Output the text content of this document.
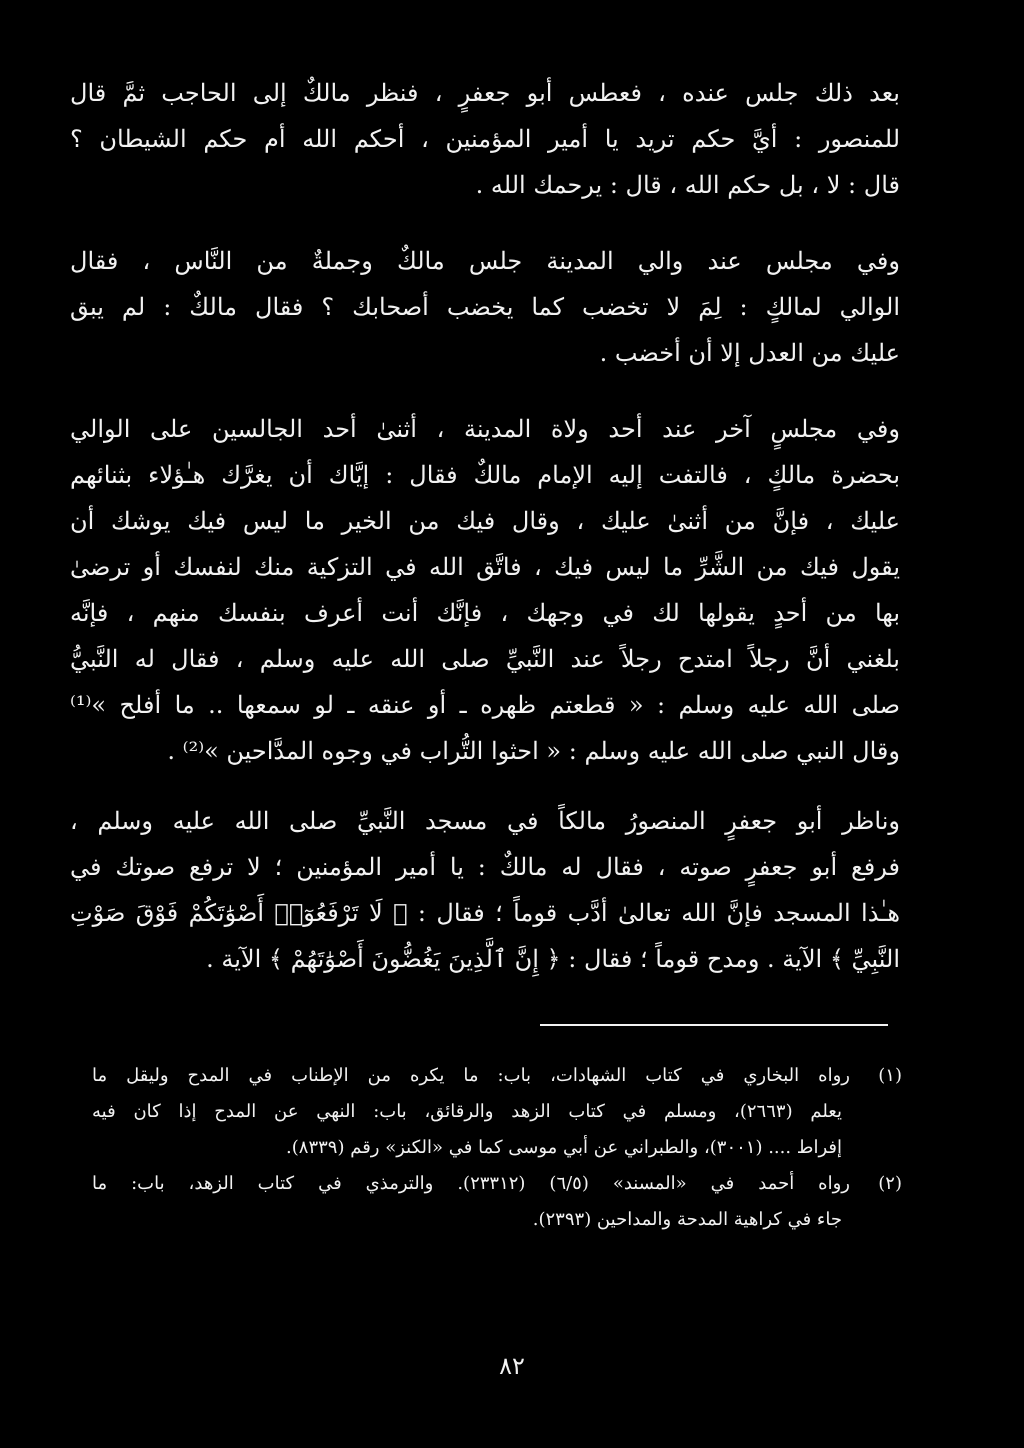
بعد ذلك جلس عنده ، فعطس أبو جعفرٍ ، فنظر مالكٌ إلى الحاجب ثمَّ قال
للمنصور : أيَّ حكم تريد يا أمير المؤمنين ، أحكم الله أم حكم الشيطان ؟
قال : لا ، بل حكم الله ، قال : يرحمك الله .
وفي مجلس عند والي المدينة جلس مالكٌ وجملةٌ من النَّاس ، فقال
الوالي لمالكٍ : لِمَ لا تخضب كما يخضب أصحابك ؟ فقال مالكٌ : لم يبق
عليك من العدل إلا أن أخضب .
وفي مجلسٍ آخر عند أحد ولاة المدينة ، أثنىٰ أحد الجالسين على الوالي
بحضرة مالكٍ ، فالتفت إليه الإمام مالكٌ فقال : إيَّاك أن يغرَّك هـٰؤلاء بثنائهم
عليك ، فإنَّ من أثنىٰ عليك ، وقال فيك من الخير ما ليس فيك يوشك أن
يقول فيك من الشَّرِّ ما ليس فيك ، فاتَّق الله في التزكية منك لنفسك أو ترضىٰ
بها من أحدٍ يقولها لك في وجهك ، فإنَّك أنت أعرف بنفسك منهم ، فإنَّه
بلغني أنَّ رجلاً امتدح رجلاً عند النَّبيِّ صلى الله عليه وسلم ، فقال له النَّبيُّ
صلى الله عليه وسلم : « قطعتم ظهره ـ أو عنقه ـ لو سمعها .. ما أفلح »⁽¹⁾
وقال النبي صلى الله عليه وسلم : « احثوا التُّراب في وجوه المدَّاحين »⁽²⁾ .
وناظر أبو جعفرٍ المنصورُ مالكاً في مسجد النَّبيِّ صلى الله عليه وسلم ،
فرفع أبو جعفرٍ صوته ، فقال له مالكٌ : يا أمير المؤمنين ؛ لا ترفع صوتك في
هـٰذا المسجد فإنَّ الله تعالىٰ أدَّب قوماً ؛ فقال : ﴿ لَا تَرْفَعُوٓا۟ أَصْوَٰتَكُمْ فَوْقَ صَوْتِ
النَّبِيِّ ﴾ الآية . ومدح قوماً ؛ فقال : ﴿ إِنَّ ٱلَّذِينَ يَغُضُّونَ أَصْوَٰتَهُمْ ﴾ الآية .
(١)رواه البخاري في كتاب الشهادات، باب: ما يكره من الإطناب في المدح وليقل ما
يعلم (٢٦٦٣)، ومسلم في كتاب الزهد والرقائق، باب: النهي عن المدح إذا كان فيه
إفراط .... (٣٠٠١)، والطبراني عن أبي موسى كما في «الكنز» رقم (٨٣٣٩).
(٢)رواه أحمد في «المسند» (٦/٥) (٢٣٣١٢). والترمذي في كتاب الزهد، باب: ما
جاء في كراهية المدحة والمداحين (٢٣٩٣).
٨٢
